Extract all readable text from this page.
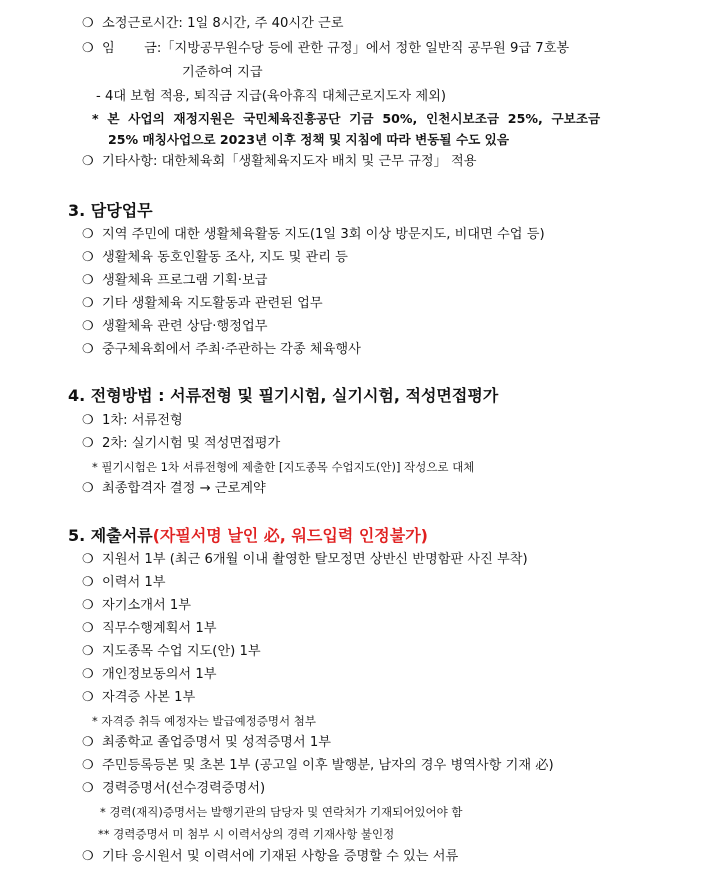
❍ 소정근로시간: 1일 8시간, 주 40시간 근로
❍ 임       금:「지방공무원수당 등에 관한 규정」에서 정한 일반직 공무원 9급 7호봉
기준하여 지급
- 4대 보험 적용, 퇴직금 지급(육아휴직 대체근로지도자 제외)
*  본  사업의  재정지원은  국민체육진흥공단  기금  50%,  인천시보조금  25%,  구보조금
25% 매칭사업으로 2023년 이후 정책 및 지침에 따라 변동될 수도 있음
❍ 기타사항: 대한체육회「생활체육지도자 배치 및 근무 규정」 적용
3. 담당업무
❍ 지역 주민에 대한 생활체육활동 지도(1일 3회 이상 방문지도, 비대면 수업 등)
❍ 생활체육 동호인활동 조사, 지도 및 관리 등
❍ 생활체육 프로그램 기획·보급
❍ 기타 생활체육 지도활동과 관련된 업무
❍ 생활체육 관련 상담·행정업무
❍ 중구체육회에서 주최·주관하는 각종 체육행사
4. 전형방법 : 서류전형 및 필기시험, 실기시험, 적성면접평가
❍ 1차: 서류전형
❍ 2차: 실기시험 및 적성면접평가
* 필기시험은 1차 서류전형에 제출한 [지도종목 수업지도(안)] 작성으로 대체
❍ 최종합격자 결정 → 근로계약
5. 제출서류(자필서명 날인 必, 워드입력 인정불가)
❍ 지원서 1부 (최근 6개월 이내 촬영한 탈모정면 상반신 반명함판 사진 부착)
❍ 이력서 1부
❍ 자기소개서 1부
❍ 직무수행계획서 1부
❍ 지도종목 수업 지도(안) 1부
❍ 개인정보동의서 1부
❍ 자격증 사본 1부
* 자격증 취득 예정자는 발급예정증명서 첨부
❍ 최종학교 졸업증명서 및 성적증명서 1부
❍ 주민등록등본 및 초본 1부 (공고일 이후 발행분, 남자의 경우 병역사항 기재 必)
❍ 경력증명서(선수경력증명서)
* 경력(재직)증명서는 발행기관의 담당자 및 연락처가 기재되어있어야 함
** 경력증명서 미 첨부 시 이력서상의 경력 기재사항 불인정
❍ 기타 응시원서 및 이력서에 기재된 사항을 증명할 수 있는 서류
